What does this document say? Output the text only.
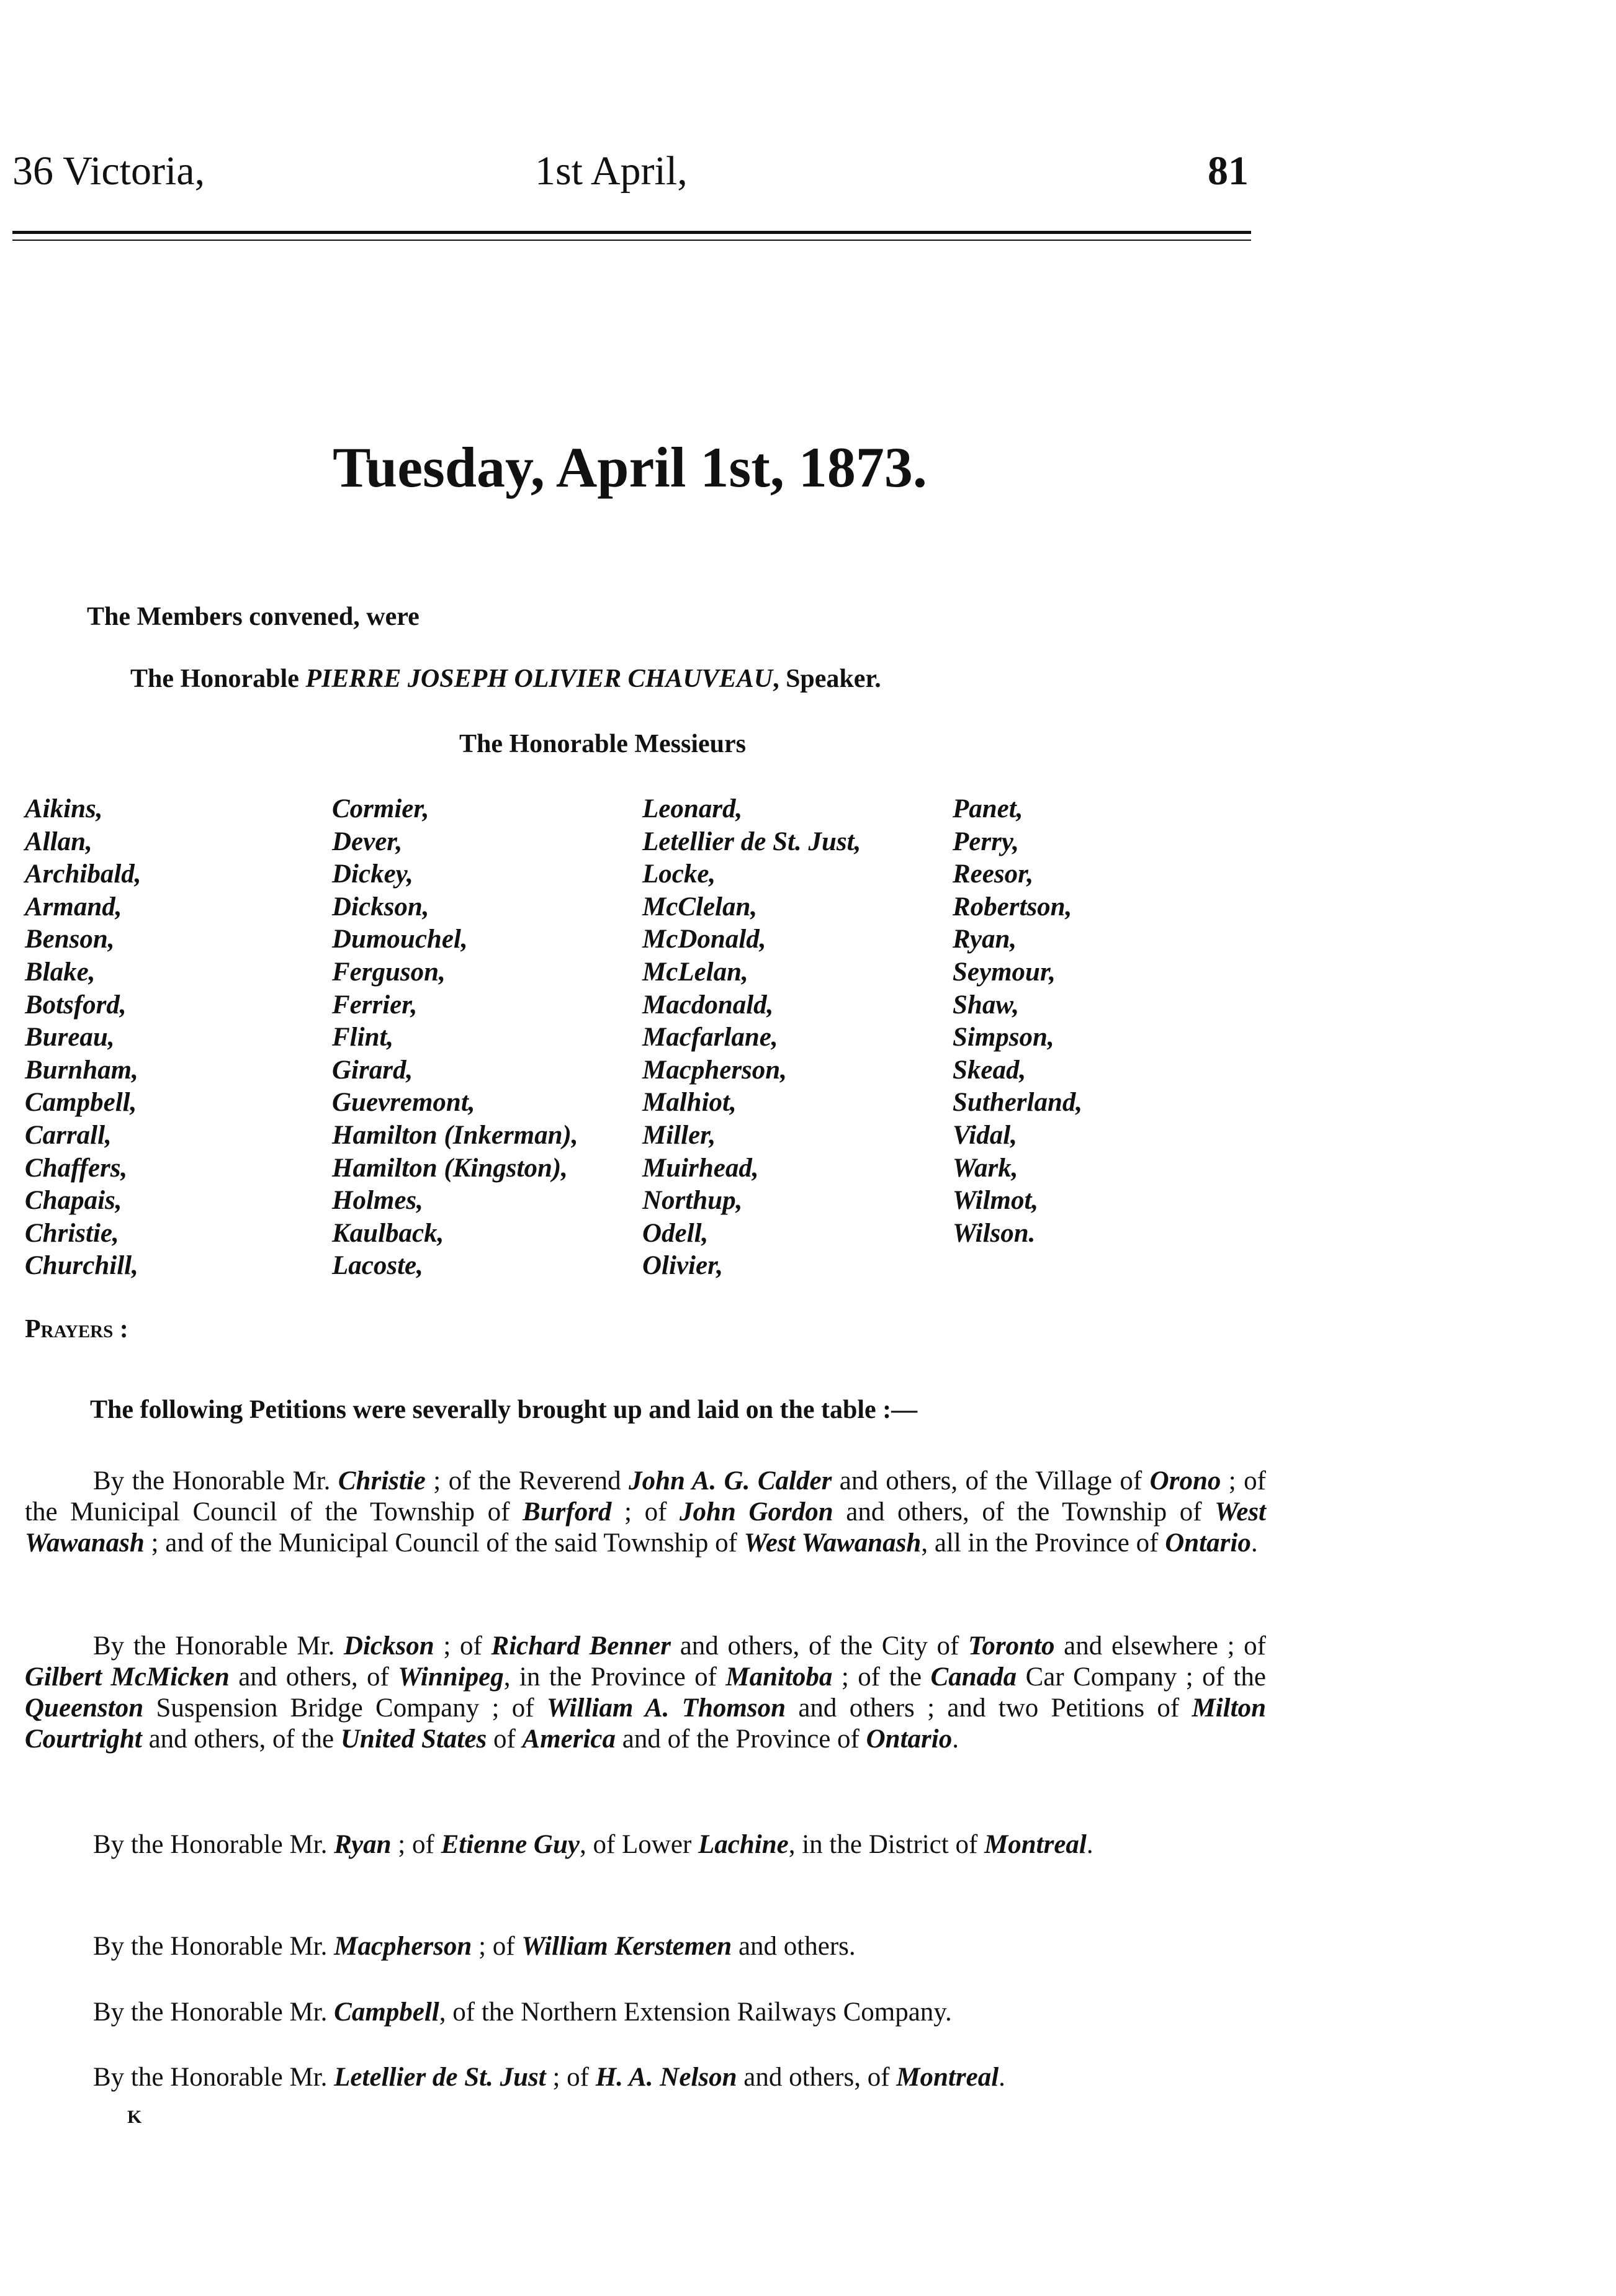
36 Victoria,	1st April,	81
Tuesday, April 1st, 1873.
The Members convened, were
The Honorable PIERRE JOSEPH OLIVIER CHAUVEAU, Speaker.
The Honorable Messieurs
Aikins,
Allan,
Archibald,
Armand,
Benson,
Blake,
Botsford,
Bureau,
Burnham,
Campbell,
Carrall,
Chaffers,
Chapais,
Christie,
Churchill,
Cormier,
Dever,
Dickey,
Dickson,
Dumouchel,
Ferguson,
Ferrier,
Flint,
Girard,
Guevremont,
Hamilton (Inkerman),
Hamilton (Kingston),
Holmes,
Kaulback,
Lacoste,
Leonard,
Letellier de St. Just,
Locke,
McClelan,
McDonald,
McLelan,
Macdonald,
Macfarlane,
Macpherson,
Malhiot,
Miller,
Muirhead,
Northup,
Odell,
Olivier,
Panet,
Perry,
Reesor,
Robertson,
Ryan,
Seymour,
Shaw,
Simpson,
Skead,
Sutherland,
Vidal,
Wark,
Wilmot,
Wilson.
Prayers :
The following Petitions were severally brought up and laid on the table :—
By the Honorable Mr. Christie ; of the Reverend John A. G. Calder and others, of the Village of Orono ; of the Municipal Council of the Township of Burford ; of John Gordon and others, of the Township of West Wawanash ; and of the Municipal Council of the said Township of West Wawanash, all in the Province of Ontario.
By the Honorable Mr. Dickson ; of Richard Benner and others, of the City of Toronto and elsewhere ; of Gilbert McMicken and others, of Winnipeg, in the Province of Manitoba ; of the Canada Car Company ; of the Queenston Suspension Bridge Company ; of William A. Thomson and others ; and two Petitions of Milton Courtright and others, of the United States of America and of the Province of Ontario.
By the Honorable Mr. Ryan ; of Etienne Guy, of Lower Lachine, in the District of Montreal.
By the Honorable Mr. Macpherson ; of William Kerstemen and others.
By the Honorable Mr. Campbell, of the Northern Extension Railways Company.
By the Honorable Mr. Letellier de St. Just ; of H. A. Nelson and others, of Montreal.
K
